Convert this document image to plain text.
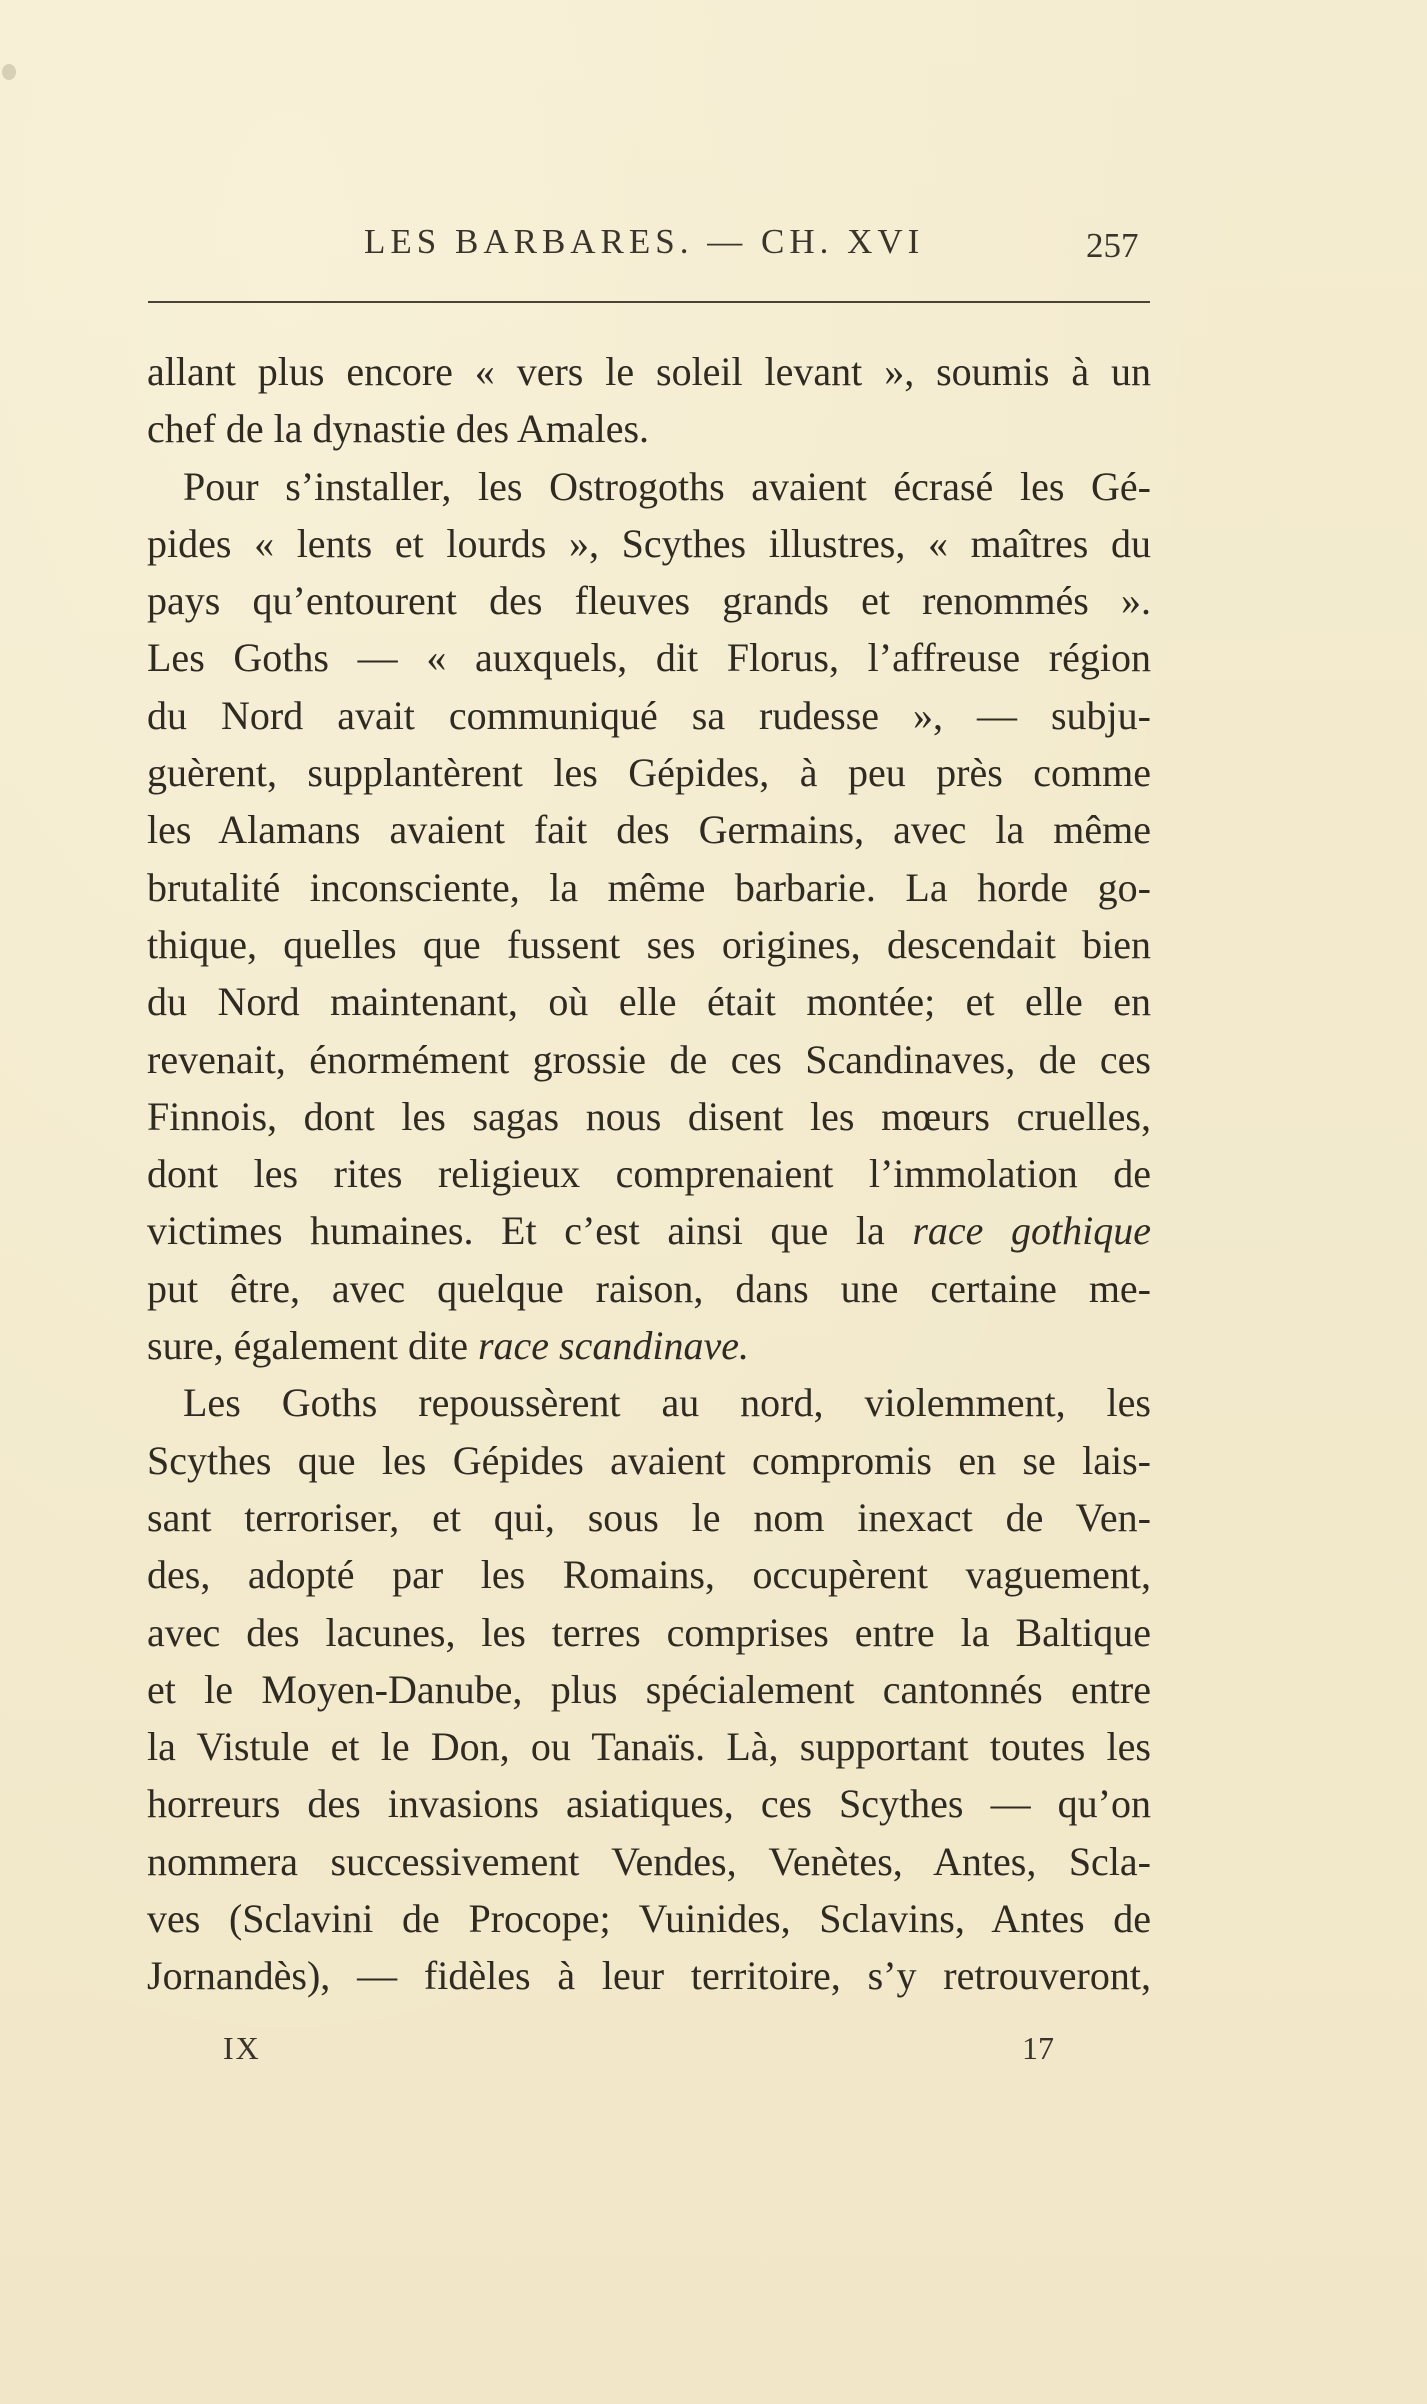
LES BARBARES. — CH. XVI	257
allant plus encore « vers le soleil levant », soumis à un
chef de la dynastie des Amales.
Pour s’installer, les Ostrogoths avaient écrasé les Gé-
pides « lents et lourds », Scythes illustres, « maîtres du
pays qu’entourent des fleuves grands et renommés ».
Les Goths — « auxquels, dit Florus, l’affreuse région
du Nord avait communiqué sa rudesse », — subju-
guèrent, supplantèrent les Gépides, à peu près comme
les Alamans avaient fait des Germains, avec la même
brutalité inconsciente, la même barbarie. La horde go-
thique, quelles que fussent ses origines, descendait bien
du Nord maintenant, où elle était montée; et elle en
revenait, énormément grossie de ces Scandinaves, de ces
Finnois, dont les sagas nous disent les mœurs cruelles,
dont les rites religieux comprenaient l’immolation de
victimes humaines. Et c’est ainsi que la race gothique
put être, avec quelque raison, dans une certaine me-
sure, également dite race scandinave.
Les Goths repoussèrent au nord, violemment, les
Scythes que les Gépides avaient compromis en se lais-
sant terroriser, et qui, sous le nom inexact de Ven-
des, adopté par les Romains, occupèrent vaguement,
avec des lacunes, les terres comprises entre la Baltique
et le Moyen-Danube, plus spécialement cantonnés entre
la Vistule et le Don, ou Tanaïs. Là, supportant toutes les
horreurs des invasions asiatiques, ces Scythes — qu’on
nommera successivement Vendes, Venètes, Antes, Scla-
ves (Sclavini de Procope; Vuinides, Sclavins, Antes de
Jornandès), — fidèles à leur territoire, s’y retrouveront,
IX	17
